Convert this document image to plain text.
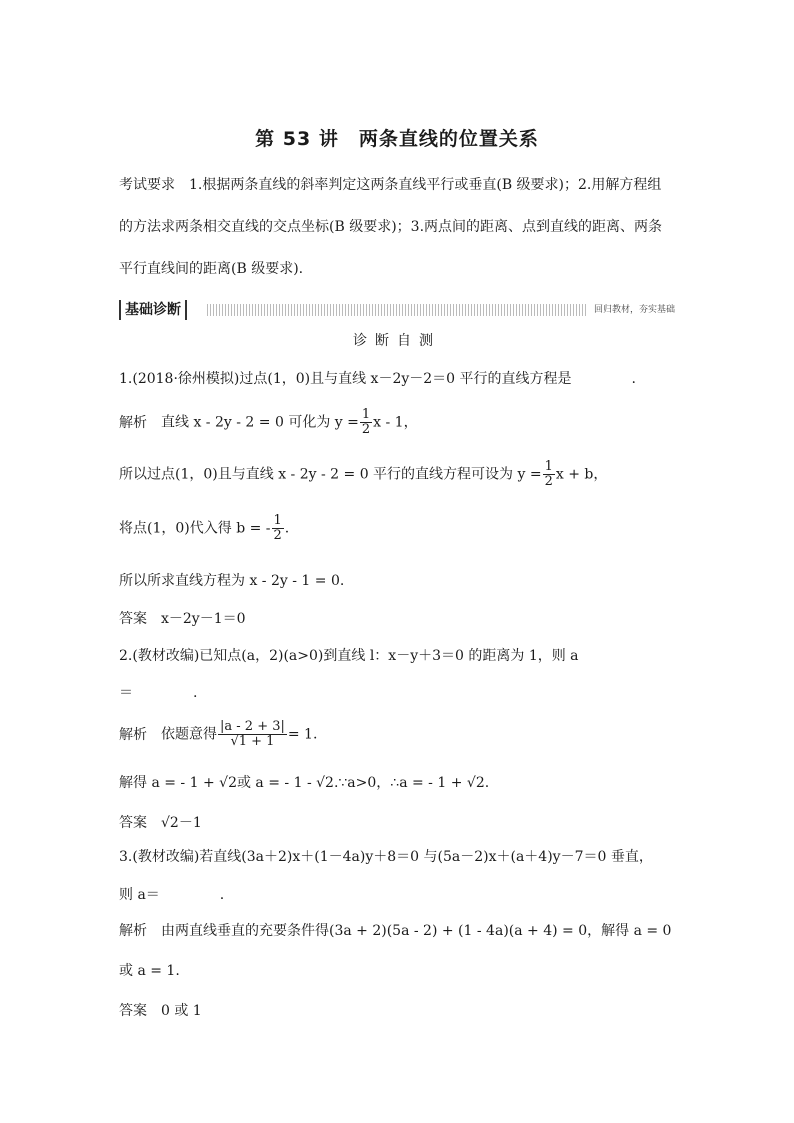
第 53 讲　两条直线的位置关系
考试要求 1.根据两条直线的斜率判定这两条直线平行或垂直(B 级要求)；2.用解方程组的方法求两条相交直线的交点坐标(B 级要求)；3.两点间的距离、点到直线的距离、两条平行直线间的距离(B 级要求).
基础诊断	回归教材，夯实基础
诊断自测
1.(2018·徐州模拟)过点(1，0)且与直线 x－2y－2＝0 平行的直线方程是	.
解析 直线 x - 2y - 2 = 0 可化为 $y = \frac{1}{2}$ x - 1，
所以过点(1，0)且与直线 x - 2y - 2 = 0 平行的直线方程可设为 $y = \frac{1}{2}$ x + b，
将点(1，0)代入得 b = - $\frac{1}{2}$ .
所以所求直线方程为 x - 2y - 1 = 0.
答案 x－2y－1＝0
2.(教材改编)已知点(a，2)(a>0)到直线 l：x－y＋3＝0 的距离为 1，则 a
＝	.
解析 依题意得 $\frac{|a - 2 + 3|}{√1 + 1} = 1$.
解得 a = - 1 + √2或 a = - 1 - √2.∵a>0，∴a = - 1 + √2.
答案 √2－1
3.(教材改编)若直线(3a＋2)x＋(1－4a)y＋8＝0 与(5a－2)x＋(a＋4)y－7＝0 垂直，
则 a＝	.
解析 由两直线垂直的充要条件得(3a + 2)(5a - 2) + (1 - 4a)(a + 4) = 0，解得 a = 0
或 a = 1.
答案 0 或 1
